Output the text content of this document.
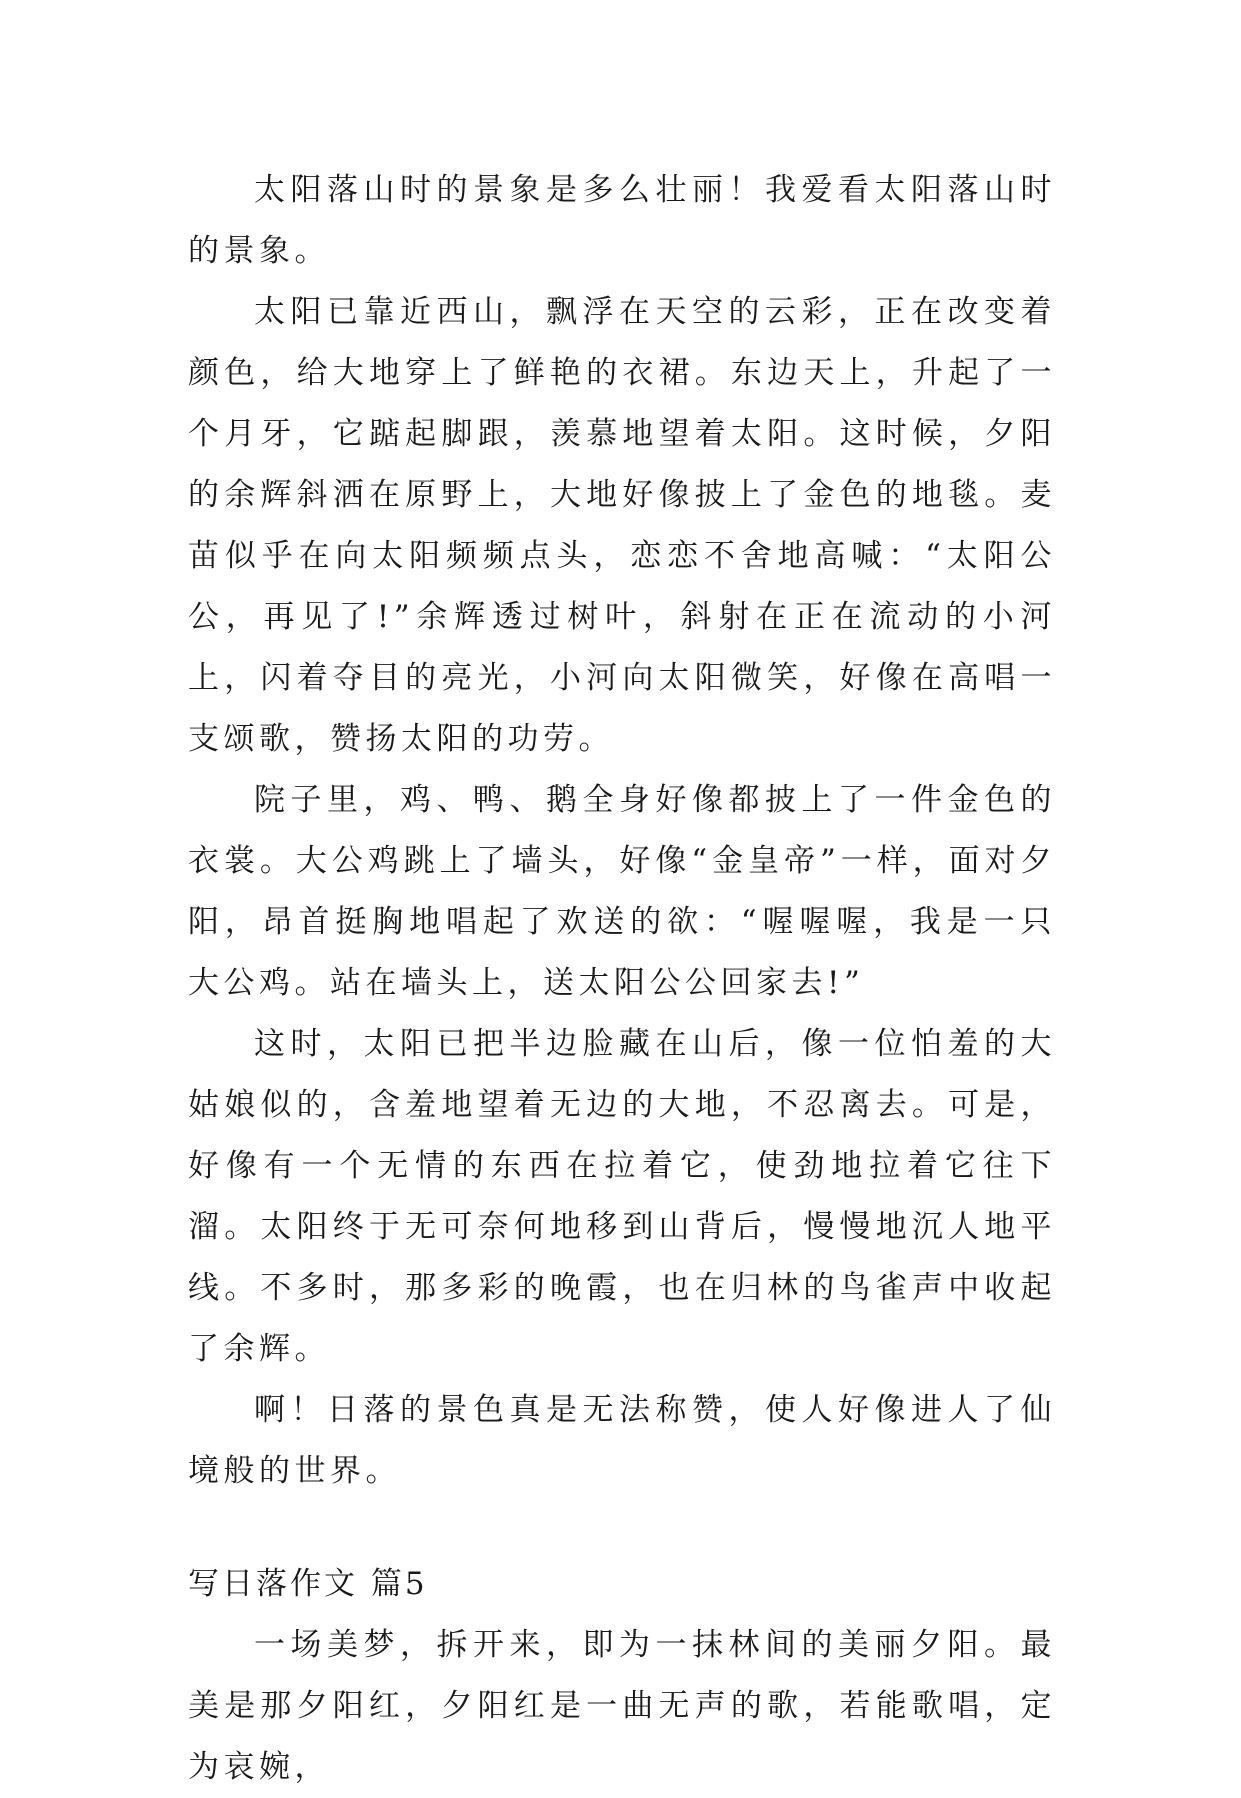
太阳落山时的景象是多么壮丽！我爱看太阳落山时的景象。

太阳已靠近西山，飘浮在天空的云彩，正在改变着颜色，给大地穿上了鲜艳的衣裙。东边天上，升起了一个月牙，它踮起脚跟，羡慕地望着太阳。这时候，夕阳的余辉斜洒在原野上，大地好像披上了金色的地毯。麦苗似乎在向太阳频频点头，恋恋不舍地高喊：“太阳公公，再见了!”余辉透过树叶，斜射在正在流动的小河上，闪着夺目的亮光，小河向太阳微笑，好像在高唱一支颂歌，赞扬太阳的功劳。

院子里，鸡、鸭、鹅全身好像都披上了一件金色的衣裳。大公鸡跳上了墙头，好像“金皇帝”一样，面对夕阳，昂首挺胸地唱起了欢送的欲：“喔喔喔，我是一只大公鸡。站在墙头上，送太阳公公回家去!”

这时，太阳已把半边脸藏在山后，像一位怕羞的大姑娘似的，含羞地望着无边的大地，不忍离去。可是，好像有一个无情的东西在拉着它，使劲地拉着它往下溜。太阳终于无可奈何地移到山背后，慢慢地沉人地平线。不多时，那多彩的晚霞，也在归林的鸟雀声中收起了余辉。

啊！日落的景色真是无法称赞，使人好像进人了仙境般的世界。

写日落作文 篇5

一场美梦，拆开来，即为一抹林间的美丽夕阳。最美是那夕阳红，夕阳红是一曲无声的歌，若能歌唱，定为哀婉，
